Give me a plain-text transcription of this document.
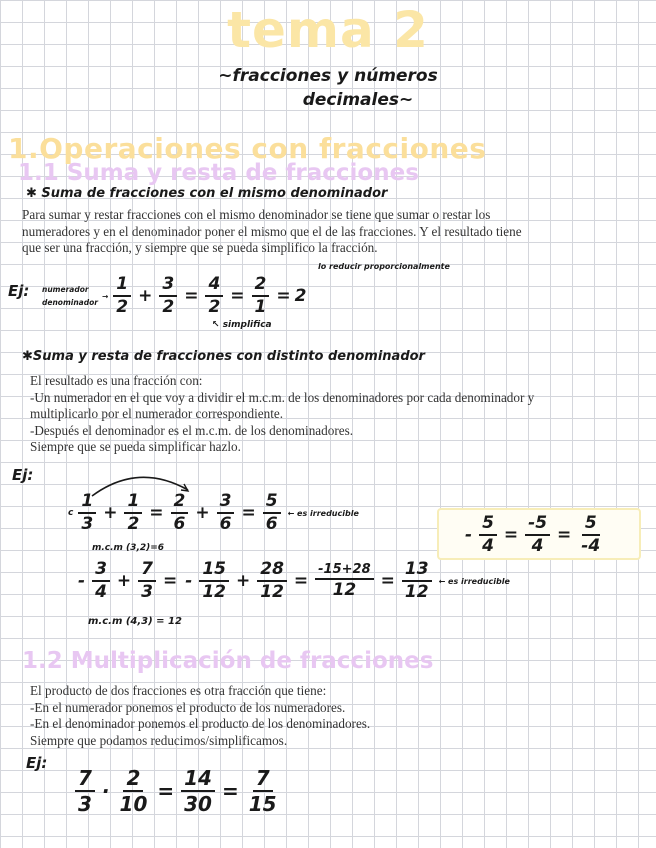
tema 2
~fracciones y números
decimales~
1.Operaciones con fracciones
1.1 Suma y resta de fracciones
✱ Suma de fracciones con el mismo denominador
Para sumar y restar fracciones con el mismo denominador se tiene que sumar o restar los
numeradores y en el denominador poner el mismo que el de las fracciones. Y el resultado tiene
que ser una fracción, y siempre que se pueda simplifico la fracción.
lo reducir proporcionalmente
Ej: numerador
denominador
→ $\frac{1}{2} + \frac{3}{2} = \frac{4}{2} = \frac{2}{1} = 2$
↖ simplifica
✱Suma y resta de fracciones con distinto denominador
El resultado es una fracción con:
-Un numerador en el que voy a dividir el m.c.m. de los denominadores por cada denominador y
multiplicarlo por el numerador correspondiente.
-Después el denominador es el m.c.m. de los denominadores.
Siempre que se pueda simplificar hazlo.
Ej:
c $\frac{1}{3} + \frac{1}{2} = \frac{2}{6} + \frac{3}{6} = \frac{5}{6}$ ← es irreducible
m.c.m (3,2)=6
- $\frac{5}{4} = \frac{-5}{4} = \frac{5}{-4}$
- $\frac{3}{4} + \frac{7}{3}$ = - $\frac{15}{12} + \frac{28}{12} = \frac{-15+28}{12} = \frac{13}{12}$ ← es irreducible
m.c.m (4,3) = 12
1.2 Multiplicación de fracciones
El producto de dos fracciones es otra fracción que tiene:
-En el numerador ponemos el producto de los numeradores.
-En el denominador ponemos el producto de los denominadores.
Siempre que podamos reducimos/simplificamos.
Ej:
$\frac{7}{3} \cdot \frac{2}{10} = \frac{14}{30} = \frac{7}{15}$
